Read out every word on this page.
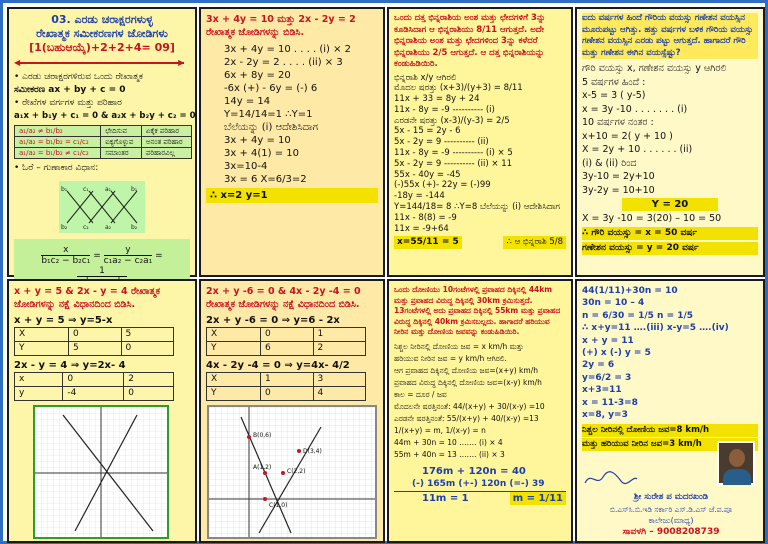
03. ಎರಡು ಚರಾಕ್ಷರಗಳುಳ್ಳ
ರೇಖಾತ್ಮಕ ಸಮೀಕರಣಗಳ ಜೋಡಿಗಳು
[1(ಬಹುಆಯ್ಕೆ)+2+2+4= 09]
◀▶
• ಎರಡು ಚರಾಕ್ಷರಗಳಿರುವ ಒಂದು ರೇಖಾತ್ಮಕ
ಸಮೀಕರಣ ax + by + c = 0
• ರೇಖೆಗಳ ವರ್ಗಗಳ ಮತ್ತು ಪರಿಹಾರ
a₁x + b₁y + c₁ = 0 & a₂x + b₂y + c₂ = 0
a₁/a₂ ≠ b₁/b₂	ಛೇದಿಸುವ	ಏಕೈಕ ಪರಿಹಾರ
a₁/a₂ = b₁/b₂ = c₁/c₂	ಐಕ್ಯಗೊಳ್ಳುವ	ಅನಂತ ಪರಿಹಾರ
a₁/a₂ = b₁/b₂ ≠ c₁/c₂	ಸಮಾಂತರ	ಪರಿಹಾರವಿಲ್ಲ
• ಓರೆ – ಗುಣಾಕಾರ ವಿಧಾನ:
b₁	c₁	a₁	b₁
b₂	c₂	a₂	b₂
$\frac{x}{\text{b₁c₂ − b₂c₁}} = \frac{y}{\text{c₁a₂ − c₂a₁}}$ =
1
3x + 4y = 10 ಮತ್ತು 2x - 2y = 2 ರೇಖಾತ್ಮಕ ಜೋಡಿಗಳನ್ನು ಬಿಡಿಸಿ.
3x + 4y = 10 . . . . (i) × 2
2x - 2y = 2 . . . . (ii) × 3
6x + 8y = 20
-6x (+) - 6y = (-) 6
14y = 14
Y=14/14=1 ∴Y=1
ಬೆಲೆಯನ್ನು (i) ಆದೇಶಿಸಿದಾಗ
3x + 4y = 10
3x + 4(1) = 10
3x=10-4
3x = 6 X=6/3=2
∴ x=2 y=1
ಒಂದು ದತ್ತ ಭಿನ್ನರಾಶಿಯ ಅಂಶ ಮತ್ತು ಛೇದಗಳಿಗೆ 3ನ್ನು ಕೂಡಿಸಿದಾಗ ಆ ಭಿನ್ನರಾಶಿಯು 8/11 ಆಗುತ್ತದೆ. ಅದೇ ಭಿನ್ನರಾಶಿಯ ಅಂಶ ಮತ್ತು ಛೇದಗಳಿಂದ 3ನ್ನು ಕಳೆದರೆ ಭಿನ್ನರಾಶಿಯು 2/5 ಆಗುತ್ತದೆ. ಆ ದತ್ತ ಭಿನ್ನರಾಶಿಯನ್ನು ಕಂಡುಹಿಡಿಯಿರಿ.
ಭಿನ್ನರಾಶಿ x/y ಆಗಿರಲಿ
ಮೊದಲ ಷರತ್ತು (x+3)/(y+3) = 8/11
11x + 33 = 8y + 24
11x - 8y = -9 ---------- (i)
ಎರಡನೇ ಷರತ್ತು (x-3)/(y-3) = 2/5
5x - 15 = 2y - 6
5x - 2y = 9 ---------- (ii)
11x - 8y = -9 ---------- (i) × 5
5x - 2y = 9 ---------- (ii) × 11
55x - 40y = -45
(-)55x (+)- 22y = (-)99
-18y = -144
Y=144/18= 8 ∴Y=8 ಬೆಲೆಯನ್ನು (i) ಆದೇಶಿಸಿದಾಗ
11x - 8(8) = -9
11x = -9+64
x=55/11 = 5	∴ ಆ ಭಿನ್ನರಾಶಿ 5/8
ಐದು ವರ್ಷಗಳ ಹಿಂದೆ ಗೌರಿಯ ವಯಸ್ಸು ಗಣೇಶನ ವಯಸ್ಸಿನ ಮೂರುಪಟ್ಟು ಆಗಿತ್ತು. ಹತ್ತು ವರ್ಷಗಳ ಬಳಿಕ ಗೌರಿಯ ವಯಸ್ಸು ಗಣೇಶನ ವಯಸ್ಸಿನ ಎರಡು ಪಟ್ಟು ಆಗುತ್ತದೆ. ಹಾಗಾದರೆ ಗೌರಿ ಮತ್ತು ಗಣೇಶನ ಈಗಿನ ವಯಸ್ಸೆಷ್ಟು?
ಗೌರಿ ವಯಸ್ಸು x, ಗಣೇಶನ ವಯಸ್ಸು y ಆಗಿರಲಿ
5 ವರ್ಷಗಳ ಹಿಂದೆ :
x-5 = 3 ( y-5)
x = 3y -10 . . . . . . . (i)
10 ವರ್ಷಗಳ ನಂತರ :
x+10 = 2( y + 10 )
X = 2y + 10 . . . . . . (ii)
(i) & (ii) ರಿಂದ
3y-10 = 2y+10
3y-2y = 10+10
Y = 20
X = 3y -10 = 3(20) – 10 = 50
∴ ಗೌರಿ ವಯಸ್ಸು = x = 50 ವರ್ಷ
ಗಣೇಶನ ವಯಸ್ಸು = y = 20 ವರ್ಷ
x + y = 5 & 2x - y = 4 ರೇಖಾತ್ಮಕ ಜೋಡಿಗಳನ್ನು ನಕ್ಷೆ ವಿಧಾನದಿಂದ ಬಿಡಿಸಿ.
x + y = 5 ⇒ y=5-x
X	0	5
Y	5	0
2x - y = 4 ⇒ y=2x- 4
x	0	2
y	-4	0
2x + y -6 = 0 & 4x - 2y -4 = 0 ರೇಖಾತ್ಮಕ ಜೋಡಿಗಳನ್ನು ನಕ್ಷೆ ವಿಧಾನದಿಂದ ಬಿಡಿಸಿ.
2x + y -6 = 0 ⇒ y=6 - 2x
X	0	1
Y	6	2
4x - 2y -4 = 0 ⇒ y=4x- 4/2
X	1	3
Y	0	4
B(0,6)
A(1,2)
D(3,4)
C(2,2)
C(1,0)
ಒಂದು ದೋಣಿಯು 10ಗಂಟೆಗಳಲ್ಲಿ ಪ್ರವಾಹದ ದಿಕ್ಕಿನಲ್ಲಿ 44km ಮತ್ತು ಪ್ರವಾಹದ ವಿರುದ್ಧ ದಿಕ್ಕಿನಲ್ಲಿ 30km ಕ್ರಮಿಸುತ್ತದೆ. 13ಗಂಟೆಗಳಲ್ಲಿ ಅದು ಪ್ರವಾಹದ ದಿಕ್ಕಿನಲ್ಲಿ 55km ಮತ್ತು ಪ್ರವಾಹದ ವಿರುದ್ಧ ದಿಕ್ಕಿನಲ್ಲಿ 40km ಕ್ರಮಿಸಬಲ್ಲದು. ಹಾಗಾದರೆ ಹರಿಯುವ ನೀರಿನ ಮತ್ತು ದೋಣಿಯ ಜವವನ್ನು ಕಂಡುಹಿಡಿಯಿರಿ.
ನಿಶ್ಚಲ ನೀರಿನಲ್ಲಿ ದೋಣಿಯ ಜವ = x km/h ಮತ್ತು
ಹರಿಯುವ ನೀರಿನ ಜವ = y km/h ಆಗಿರಲಿ.
ಆಗ ಪ್ರವಾಹದ ದಿಕ್ಕಿನಲ್ಲಿ ದೋಣಿಯ ಜವ=(x+y) km/h
ಪ್ರವಾಹದ ವಿರುದ್ಧ ದಿಕ್ಕಿನಲ್ಲಿ ದೋಣಿಯ ಜವ=(x-y) km/h
ಕಾಲ = ದೂರ / ಜವ
ಮೊದಲನೇ ಷರತ್ತಿನಂತೆ: 44/(x+y) + 30/(x-y) =10
ಎರಡನೇ ಷರತ್ತಿನಂತೆ: 55/(x+y) + 40/(x-y) =13
1/(x+y) = m, 1/(x-y) = n
44m + 30n = 10 ……. (i) × 4
55m + 40n = 13 ……. (ii) × 3
176m + 120n = 40
(-) 165m (+-) 120n (=-) 39
11m = 1	m = 1/11
44(1/11)+30n = 10
30n = 10 – 4
n = 6/30 = 1/5 n = 1/5
∴ x+y=11 ….(iii) x-y=5 ….(iv)
x + y = 11
(+) x (-) y = 5
2y = 6
y=6/2 = 3
x+3=11
x = 11-3=8
x=8, y=3
ನಿಶ್ಚಲ ನೀರಿನಲ್ಲಿ ದೋಣಿಯ ಜವ=8 km/h
ಮತ್ತು ಹರಿಯುವ ನೀರಿನ ಜವ=3 km/h
ಶ್ರೀ ಸುರೇಶ ಪ ಮದರಖಂಡಿ
ಬಿ.ಎಸ್‌ಸಿ.ಬಿ.ಇಡಿ ಸರ್ಕಾರಿ ಎಸ್.ಡಿ.ಎಸ್ ಜೆ.ಪ.ಪೂ
ಕಾಲೇಜು(ಮಾಧ್ಯ)
ಸಾವಳಗಿ – 9008208739
